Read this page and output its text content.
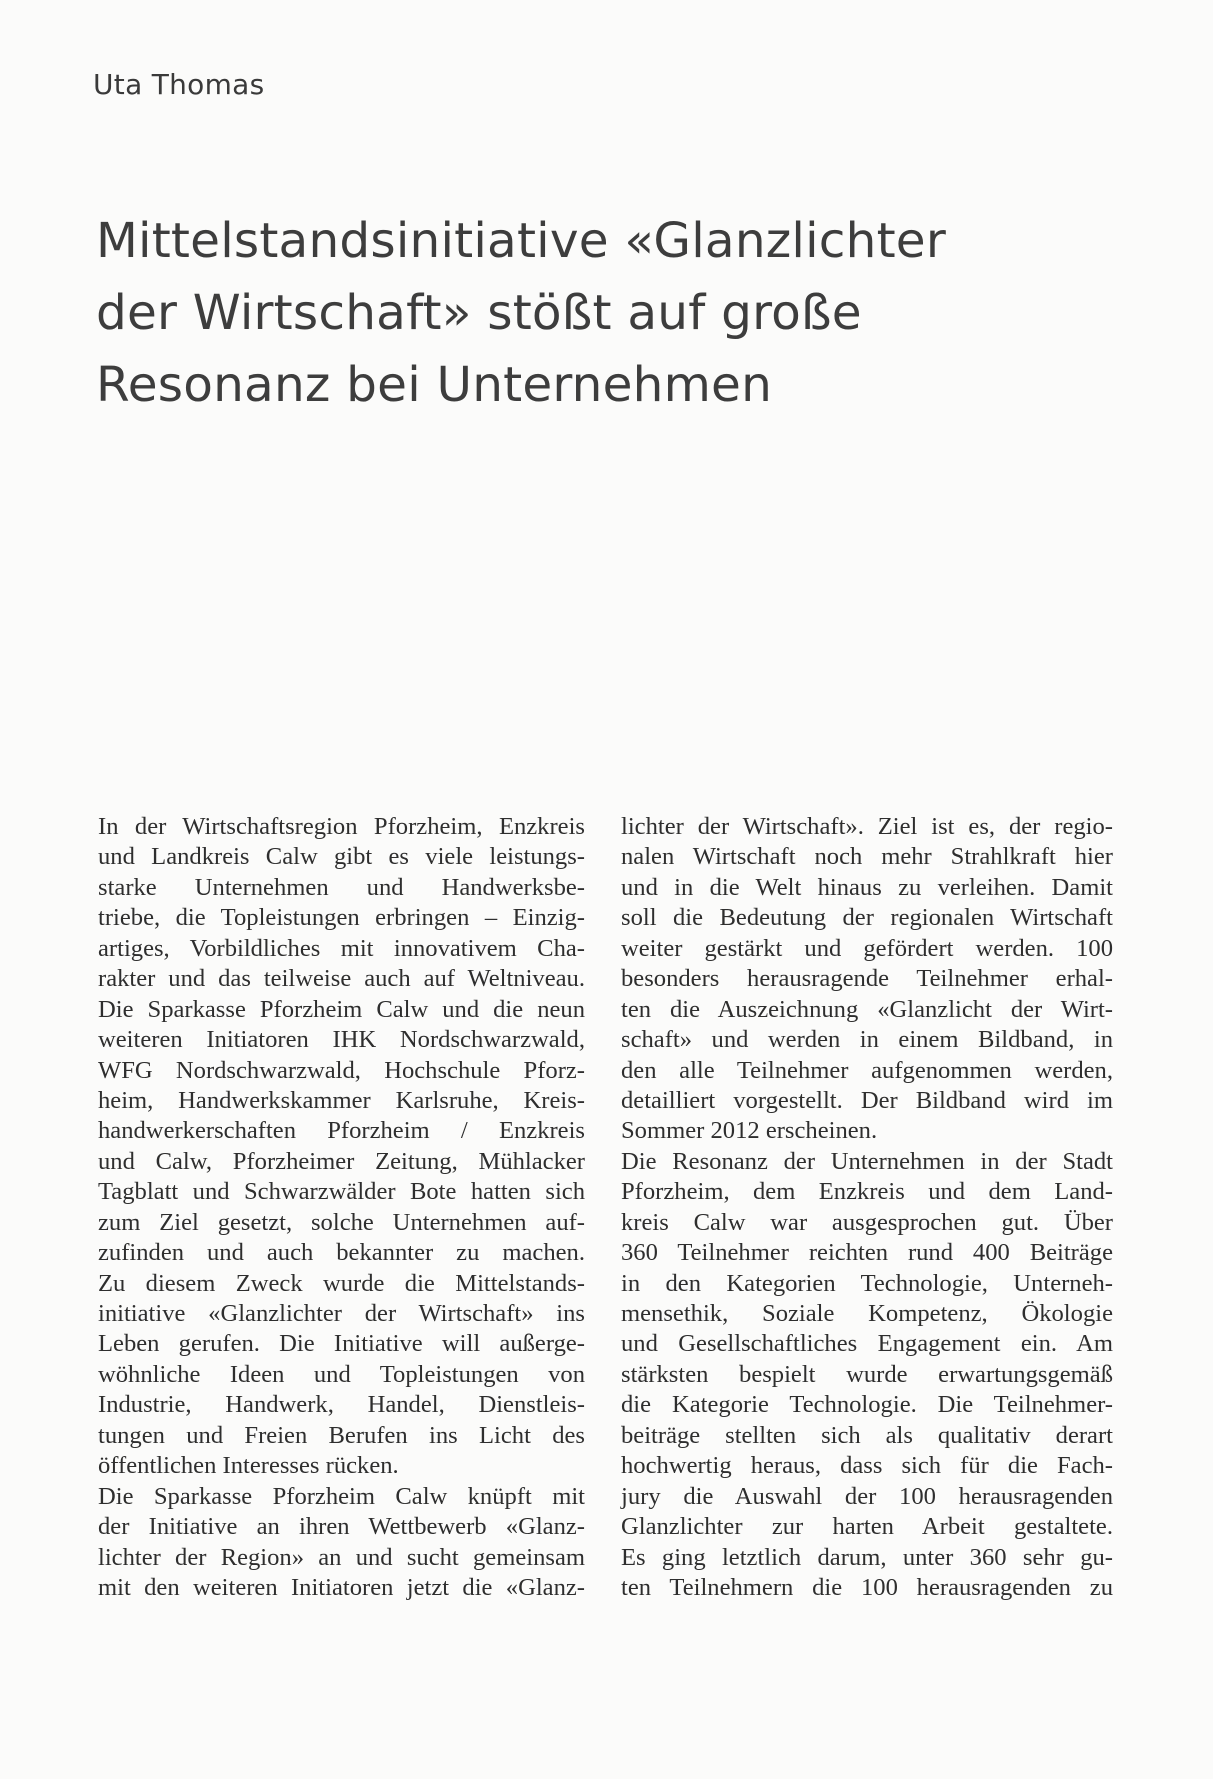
Uta Thomas
Mittelstandsinitiative «Glanzlichter
der Wirtschaft» stößt auf große
Resonanz bei Unternehmen

In der Wirtschaftsregion Pforzheim, Enzkreis
und Landkreis Calw gibt es viele leistungs-
starke Unternehmen und Handwerksbe-
triebe, die Topleistungen erbringen – Einzig-
artiges, Vorbildliches mit innovativem Cha-
rakter und das teilweise auch auf Weltniveau.
Die Sparkasse Pforzheim Calw und die neun
weiteren Initiatoren IHK Nordschwarzwald,
WFG Nordschwarzwald, Hochschule Pforz-
heim, Handwerkskammer Karlsruhe, Kreis-
handwerkerschaften Pforzheim / Enzkreis
und Calw, Pforzheimer Zeitung, Mühlacker
Tagblatt und Schwarzwälder Bote hatten sich
zum Ziel gesetzt, solche Unternehmen auf-
zufinden und auch bekannter zu machen.
Zu diesem Zweck wurde die Mittelstands-
initiative «Glanzlichter der Wirtschaft» ins
Leben gerufen. Die Initiative will außerge-
wöhnliche Ideen und Topleistungen von
Industrie, Handwerk, Handel, Dienstleis-
tungen und Freien Berufen ins Licht des
öffentlichen Interesses rücken.

Die Sparkasse Pforzheim Calw knüpft mit
der Initiative an ihren Wettbewerb «Glanz-
lichter der Region» an und sucht gemeinsam
mit den weiteren Initiatoren jetzt die «Glanz-

lichter der Wirtschaft». Ziel ist es, der regio-
nalen Wirtschaft noch mehr Strahlkraft hier
und in die Welt hinaus zu verleihen. Damit
soll die Bedeutung der regionalen Wirtschaft
weiter gestärkt und gefördert werden. 100
besonders herausragende Teilnehmer erhal-
ten die Auszeichnung «Glanzlicht der Wirt-
schaft» und werden in einem Bildband, in
den alle Teilnehmer aufgenommen werden,
detailliert vorgestellt. Der Bildband wird im
Sommer 2012 erscheinen.

Die Resonanz der Unternehmen in der Stadt
Pforzheim, dem Enzkreis und dem Land-
kreis Calw war ausgesprochen gut. Über
360 Teilnehmer reichten rund 400 Beiträge
in den Kategorien Technologie, Unterneh-
mensethik, Soziale Kompetenz, Ökologie
und Gesellschaftliches Engagement ein. Am
stärksten bespielt wurde erwartungsgemäß
die Kategorie Technologie. Die Teilnehmer-
beiträge stellten sich als qualitativ derart
hochwertig heraus, dass sich für die Fach-
jury die Auswahl der 100 herausragenden
Glanzlichter zur harten Arbeit gestaltete.
Es ging letztlich darum, unter 360 sehr gu-
ten Teilnehmern die 100 herausragenden zu
